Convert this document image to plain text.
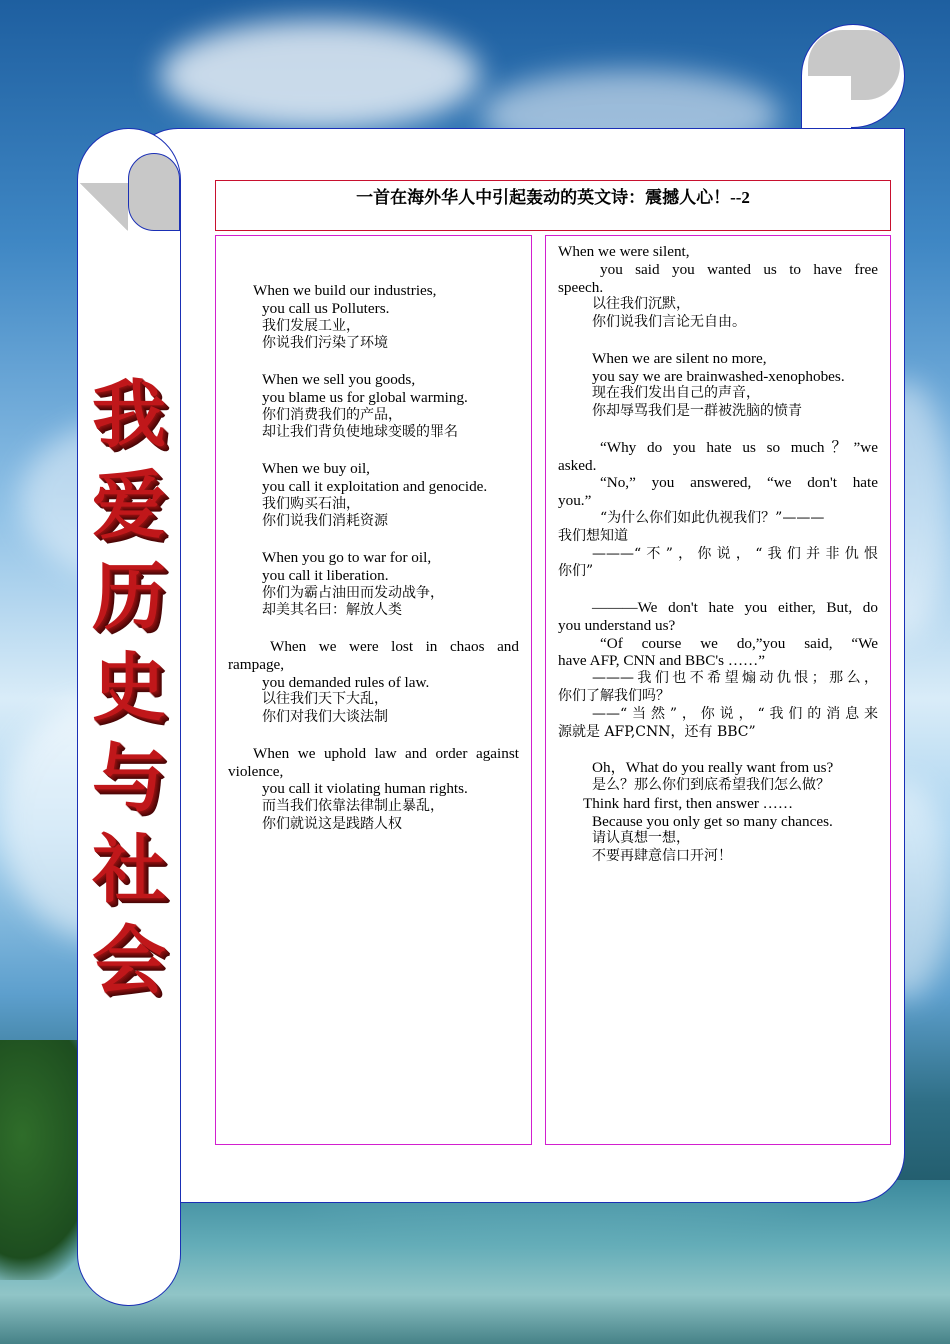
我
爱
历
史
与
社
会
一首在海外华人中引起轰动的英文诗：震撼人心！--2

When we build our industries,

you call us Polluters.

我们发展工业，

你说我们污染了环境

When we sell you goods,

you blame us for global warming.

你们消费我们的产品，

却让我们背负使地球变暖的罪名

When we buy oil,

you call it exploitation and genocide.

我们购买石油，

你们说我们消耗资源

When you go to war for oil,

you call it liberation.

你们为霸占油田而发动战争，

却美其名曰：解放人类

When we were lost in chaos and

rampage,

you demanded rules of law.

以往我们天下大乱，

你们对我们大谈法制

When we uphold law and order against

violence,

you call it violating human rights.

而当我们依靠法律制止暴乱，

你们就说这是践踏人权

When we were silent,

you said you wanted us to have free

speech.

以往我们沉默，

你们说我们言论无自由。

When we are silent no more,

you say we are brainwashed-xenophobes.

现在我们发出自己的声音，

你却辱骂我们是一群被洗脑的愤青

“Why do you hate us so much？”we

asked.

“No,” you answered, “we don't hate

you.”

“为什么你们如此仇视我们？”———

我们想知道

———“不”，你说，“我们并非仇恨

你们”

———We don't hate you either, But, do

you understand us?

“Of course we do,”you said, “We

have AFP, CNN and BBC's ……”

———我们也不希望煽动仇恨；那么，

你们了解我们吗？

——“当然”，你说，“我们的消息来

源就是 AFP,CNN，还有 BBC”

Oh，What do you really want from us?

是么？那么你们到底希望我们怎么做？

Think hard first, then answer ……

Because you only get so many chances.

请认真想一想，

不要再肆意信口开河！
